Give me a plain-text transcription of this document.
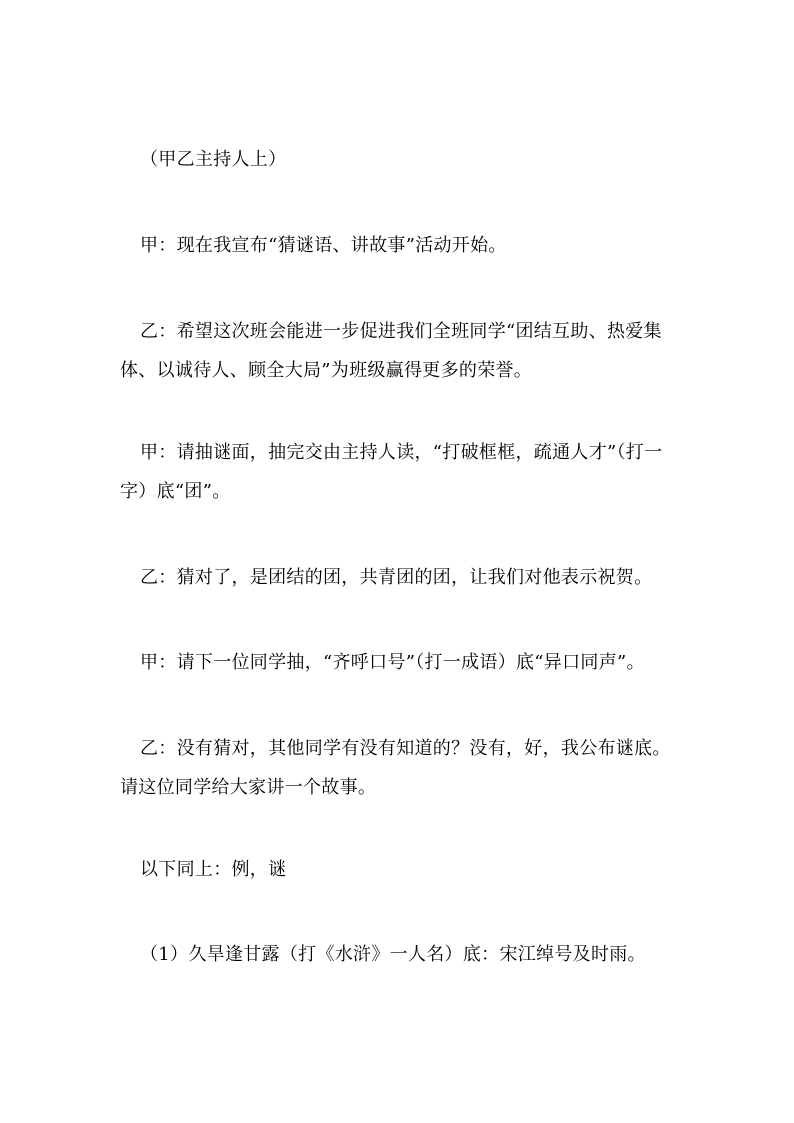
（甲乙主持人上）
甲：现在我宣布“猜谜语、讲故事”活动开始。
乙：希望这次班会能进一步促进我们全班同学“团结互助、热爱集
体、以诚待人、顾全大局”为班级赢得更多的荣誉。
甲：请抽谜面，抽完交由主持人读，“打破框框，疏通人才”（打一
字）底“团”。
乙：猜对了，是团结的团，共青团的团，让我们对他表示祝贺。
甲：请下一位同学抽，“齐呼口号”（打一成语）底“异口同声”。
乙：没有猜对，其他同学有没有知道的？没有，好，我公布谜底。
请这位同学给大家讲一个故事。
以下同上：例，谜
（1）久旱逢甘露（打《水浒》一人名）底：宋江绰号及时雨。
